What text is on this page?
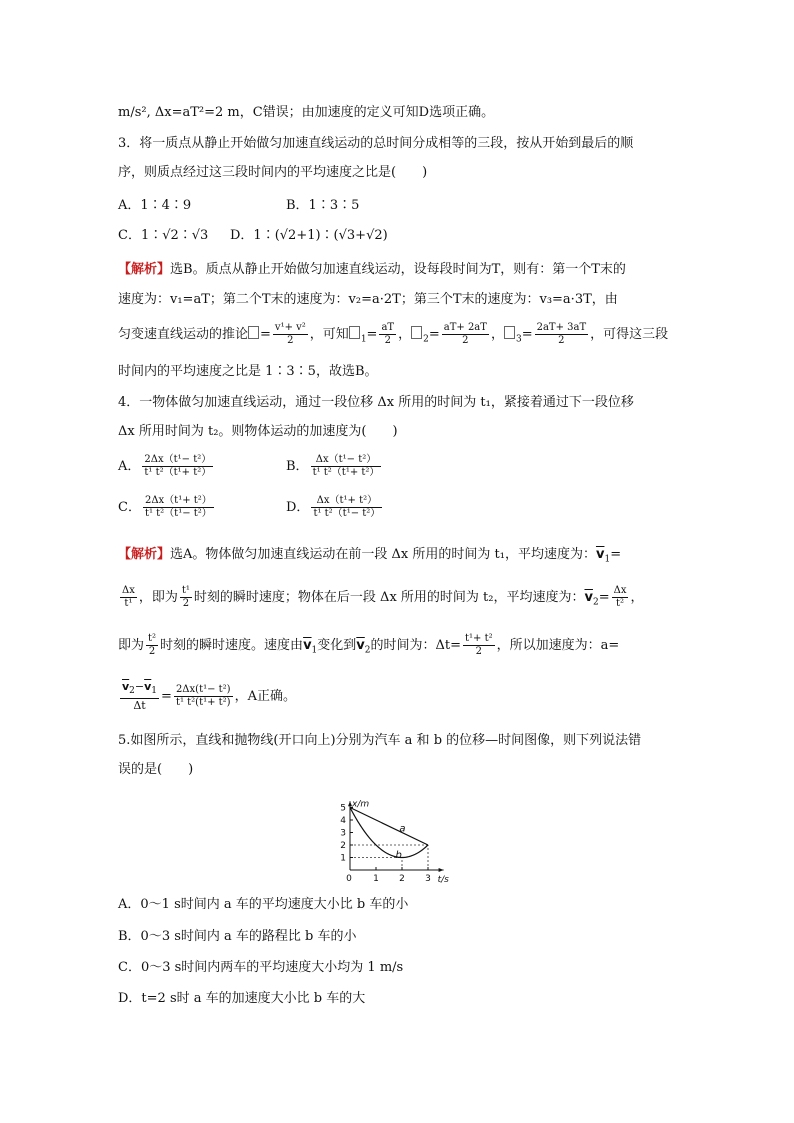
m/s², Δx=aT²=2 m，C错误；由加速度的定义可知D选项正确。
3．将一质点从静止开始做匀加速直线运动的总时间分成相等的三段，按从开始到最后的顺
序，则质点经过这三段时间内的平均速度之比是(　　)
A．1∶4∶9	B．1∶3∶5
C．1∶√2∶√3 D．1∶(√2+1)∶(√3+√2)
【解析】选B。质点从静止开始做匀加速直线运动，设每段时间为T，则有：第一个T末的
速度为：v₁=aT；第二个T末的速度为：v₂=a·2T；第三个T末的速度为：v₃=a·3T，由
匀变速直线运动的推论 = $\frac{\text{v¹+ v²}}{2}$ ，可知 $_1= \frac{aT}{2}$ ， $_2= \frac{aT+ 2aT}{2}$ ， $_3= \frac{2aT+ 3aT}{2}$ ，可得这三段
时间内的平均速度之比是 1∶3∶5，故选B。
4．一物体做匀加速直线运动，通过一段位移 Δx 所用的时间为 t₁，紧接着通过下一段位移
Δx 所用时间为 t₂。则物体运动的加速度为(　　)
A． $\frac{\text{2Δx（t¹− t²）}}{\text{t¹ t²（t¹+ t²）}}$	B． $\frac{\text{Δx（t¹− t²）}}{\text{t¹ t²（t¹+ t²）}}$
C． $\frac{\text{2Δx（t¹+ t²）}}{\text{t¹ t²（t¹− t²）}}$	D． $\frac{\text{Δx（t¹+ t²）}}{\text{t¹ t²（t¹− t²）}}$
【解析】选A。物体做匀加速直线运动在前一段 Δx 所用的时间为 t₁，平均速度为：$\overline{v}_1=$
$\frac{\Delta x}{\text{t¹}}$ ，即为 $\frac{\text{t¹}}{2}$ 时刻的瞬时速度；物体在后一段 Δx 所用的时间为 t₂，平均速度为：$\overline{v}_2= \frac{\Delta x}{\text{t²}}$ ，
即为 $\frac{\text{t²}}{2}$ 时刻的瞬时速度。速度由$\overline{v}_1$变化到$\overline{v}_2$的时间为：$\Delta t= \frac{\text{t¹+ t²}}{2}$ ，所以加速度为：a=
$\frac{\overline{v}_2-\overline{v}_1}{\Delta t} = \frac{\text{2Δx(t¹− t²)}}{\text{t¹ t²(t¹+ t²)}}$ ，A正确。
5.如图所示，直线和抛物线(开口向上)分别为汽车 a 和 b 的位移—时间图像，则下列说法错
误的是(　　)
1
2
3
4
5
0 1 2 3 t/s
x/m
a
b
A．0～1 s时间内 a 车的平均速度大小比 b 车的小
B．0～3 s时间内 a 车的路程比 b 车的小
C．0～3 s时间内两车的平均速度大小均为 1 m/s
D．t=2 s时 a 车的加速度大小比 b 车的大
